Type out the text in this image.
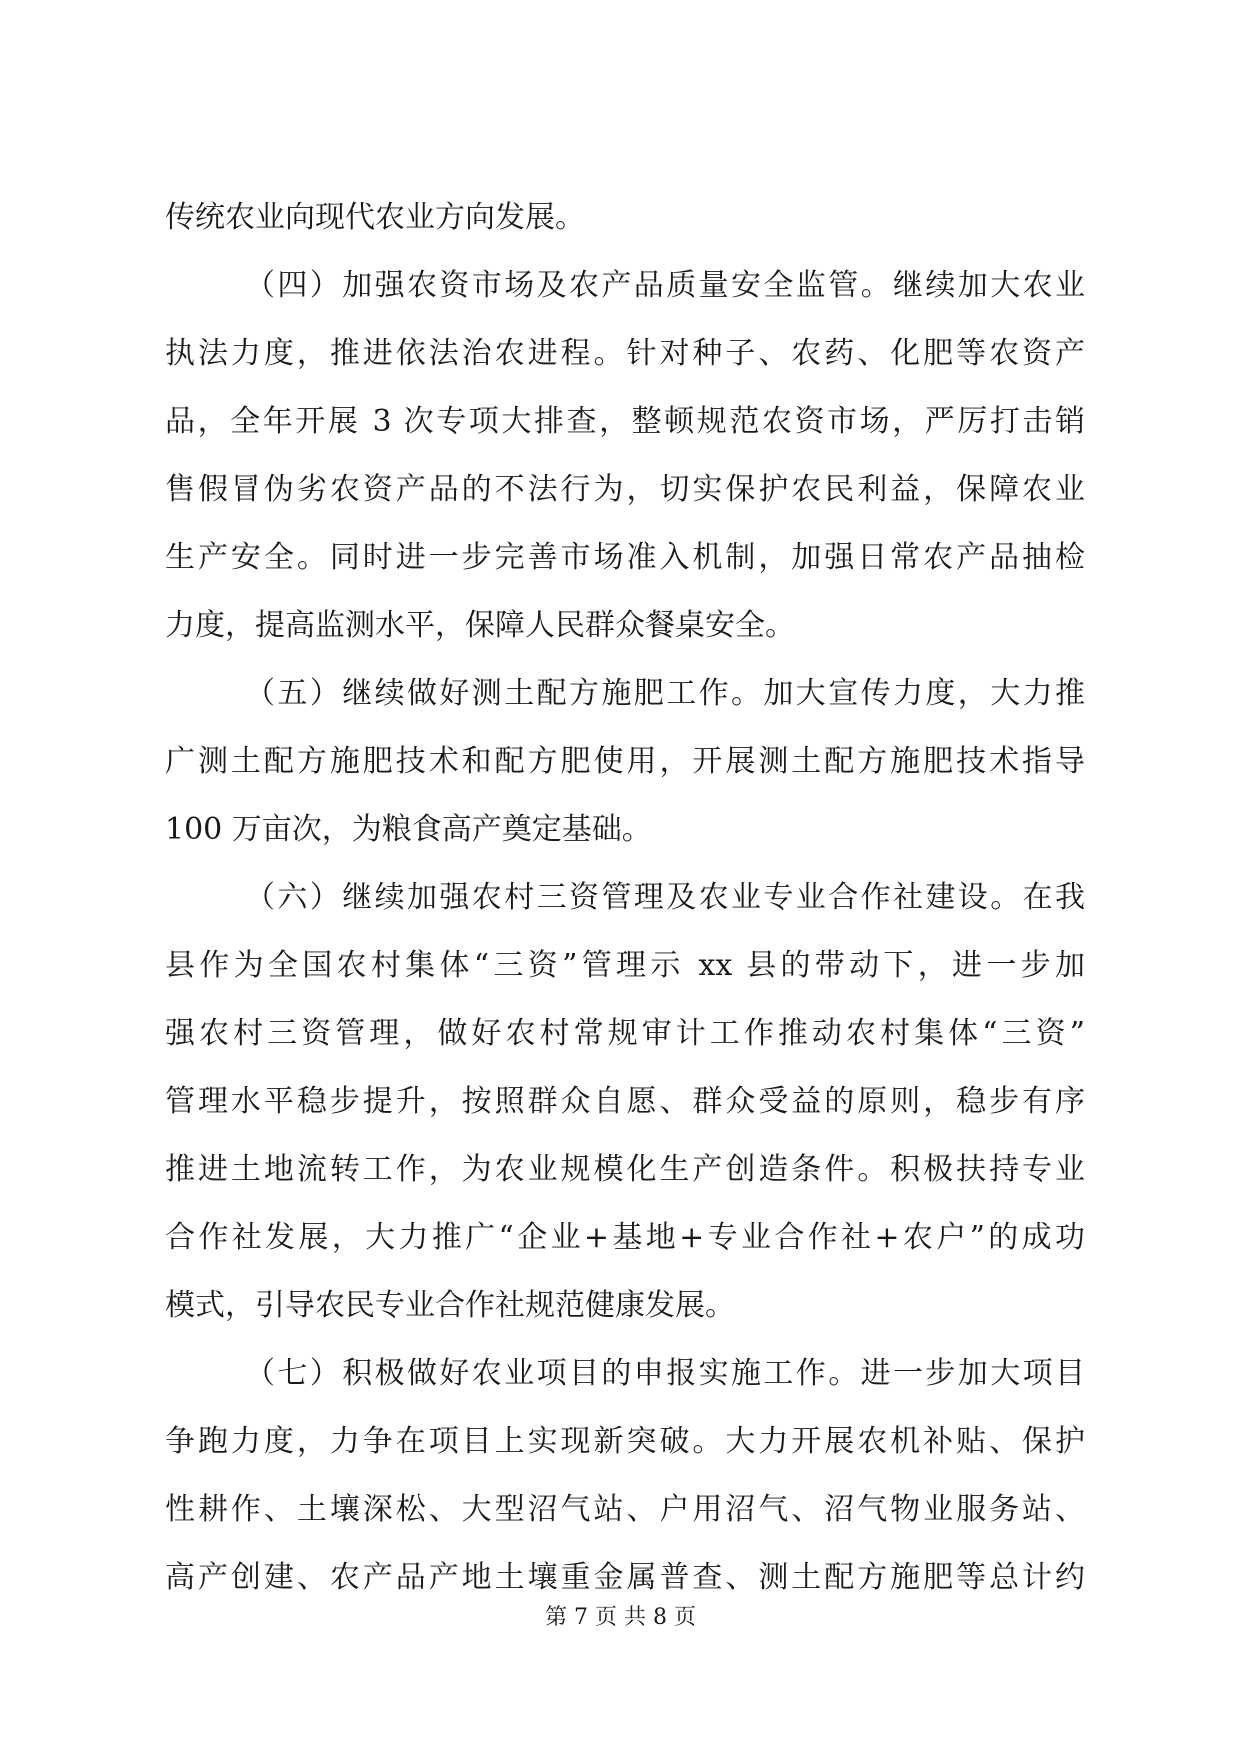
传统农业向现代农业方向发展。
（四）加强农资市场及农产品质量安全监管。继续加大农业
执法力度，推进依法治农进程。针对种子、农药、化肥等农资产
品，全年开展 3 次专项大排查，整顿规范农资市场，严厉打击销
售假冒伪劣农资产品的不法行为，切实保护农民利益，保障农业
生产安全。同时进一步完善市场准入机制，加强日常农产品抽检
力度，提高监测水平，保障人民群众餐桌安全。
（五）继续做好测土配方施肥工作。加大宣传力度，大力推
广测土配方施肥技术和配方肥使用，开展测土配方施肥技术指导
100 万亩次，为粮食高产奠定基础。
（六）继续加强农村三资管理及农业专业合作社建设。在我
县作为全国农村集体“三资”管理示 xx 县的带动下，进一步加
强农村三资管理，做好农村常规审计工作推动农村集体“三资”
管理水平稳步提升，按照群众自愿、群众受益的原则，稳步有序
推进土地流转工作，为农业规模化生产创造条件。积极扶持专业
合作社发展，大力推广“企业+基地+专业合作社+农户”的成功
模式，引导农民专业合作社规范健康发展。
（七）积极做好农业项目的申报实施工作。进一步加大项目
争跑力度，力争在项目上实现新突破。大力开展农机补贴、保护
性耕作、土壤深松、大型沼气站、户用沼气、沼气物业服务站、
高产创建、农产品产地土壤重金属普查、测土配方施肥等总计约
第 7 页 共 8 页
